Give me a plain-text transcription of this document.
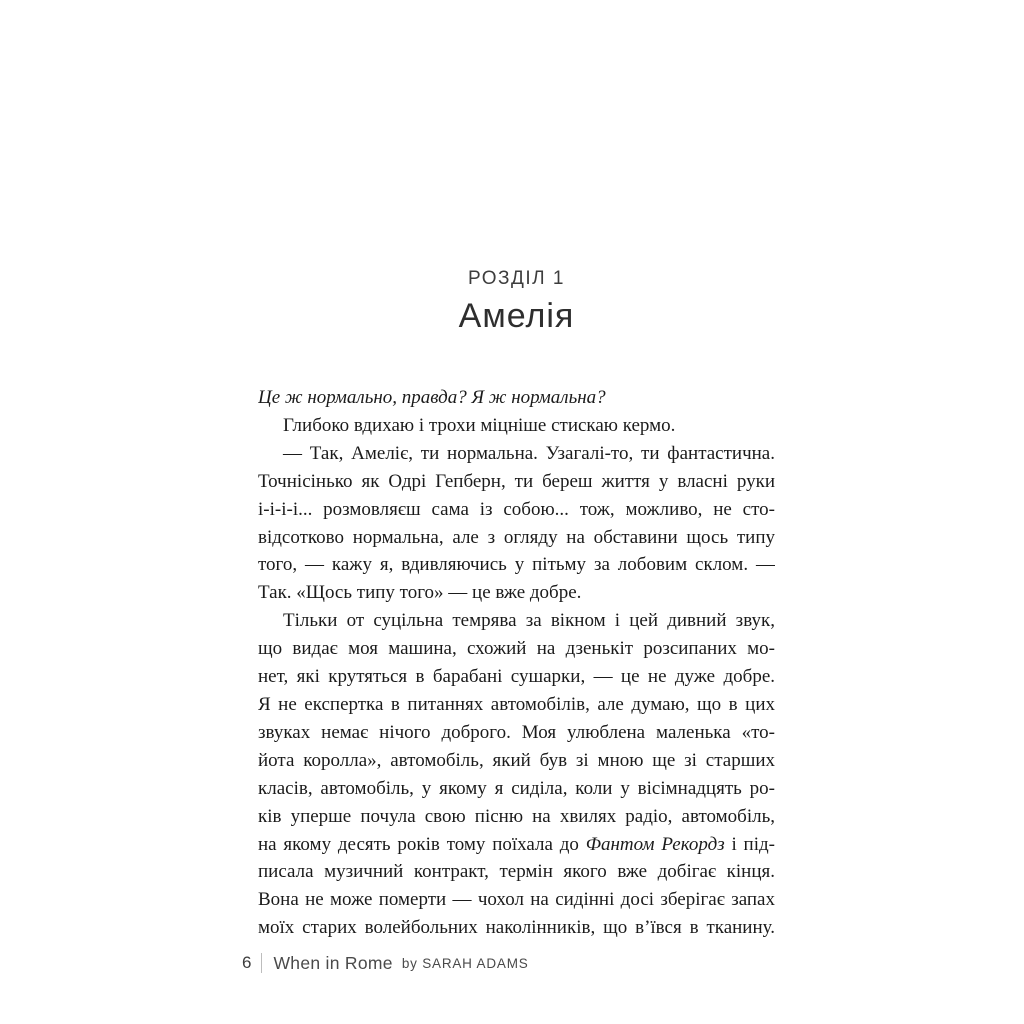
РОЗДІЛ 1
Амелія
Це ж нормально, правда? Я ж нормальна?
Глибоко вдихаю і трохи міцніше стискаю кермо.
— Так, Амеліє, ти нормальна. Узагалі-то, ти фантастична.
Точнісінько як Одрі Гепберн, ти береш життя у власні руки
і-і-і-і... розмовляєш сама із собою... тож, можливо, не сто-
відсотково нормальна, але з огляду на обставини щось типу
того, — кажу я, вдивляючись у пітьму за лобовим склом. —
Так. «Щось типу того» — це вже добре.
Тільки от суцільна темрява за вікном і цей дивний звук,
що видає моя машина, схожий на дзенькіт розсипаних мо-
нет, які крутяться в барабані сушарки, — це не дуже добре.
Я не експертка в питаннях автомобілів, але думаю, що в цих
звуках немає нічого доброго. Моя улюблена маленька «то-
йота королла», автомобіль, який був зі мною ще зі старших
класів, автомобіль, у якому я сиділа, коли у вісімнадцять ро-
ків уперше почула свою пісню на хвилях радіо, автомобіль,
на якому десять років тому поїхала до Фантом Рекордз і під-
писала музичний контракт, термін якого вже добігає кінця.
Вона не може померти — чохол на сидінні досі зберігає запах
моїх старих волейбольних наколінників, що в’ївся в тканину.
6 When in Rome by SARAH ADAMS
